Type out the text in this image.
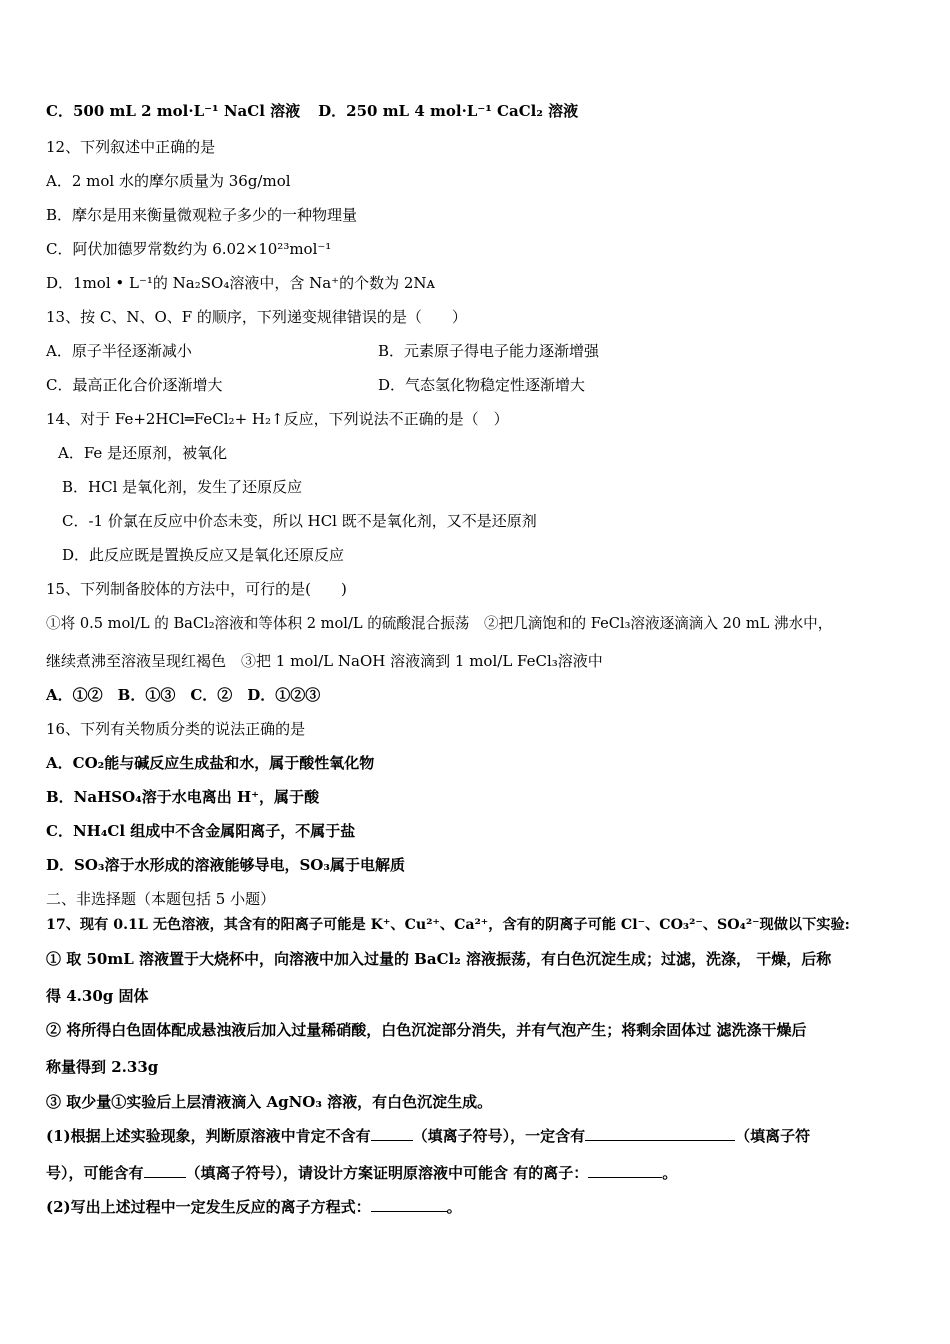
C．500 mL 2 mol·L⁻¹ NaCl 溶液 D．250 mL 4 mol·L⁻¹ CaCl₂ 溶液
12、下列叙述中正确的是
A．2 mol 水的摩尔质量为 36g/mol
B．摩尔是用来衡量微观粒子多少的一种物理量
C．阿伏加德罗常数约为 6.02×10²³mol⁻¹
D．1mol • L⁻¹的 Na₂SO₄溶液中，含 Na⁺的个数为 2Nᴀ
13、按 C、N、O、F 的顺序，下列递变规律错误的是（　　）
A．原子半径逐渐减小	B．元素原子得电子能力逐渐增强
C．最高正化合价逐渐增大	D．气态氢化物稳定性逐渐增大
14、对于 Fe+2HCl═FeCl₂+ H₂↑反应，下列说法不正确的是（　）
A．Fe 是还原剂，被氧化
B．HCl 是氧化剂，发生了还原反应
C．-1 价氯在反应中价态未变，所以 HCl 既不是氧化剂，又不是还原剂
D．此反应既是置换反应又是氧化还原反应
15、下列制备胶体的方法中，可行的是(　　)
①将 0.5 mol/L 的 BaCl₂溶液和等体积 2 mol/L 的硫酸混合振荡　②把几滴饱和的 FeCl₃溶液逐滴滴入 20 mL 沸水中，
继续煮沸至溶液呈现红褐色　③把 1 mol/L NaOH 溶液滴到 1 mol/L FeCl₃溶液中
A．①②　B．①③　C．②　D．①②③
16、下列有关物质分类的说法正确的是
A．CO₂能与碱反应生成盐和水，属于酸性氧化物
B．NaHSO₄溶于水电离出 H⁺，属于酸
C．NH₄Cl 组成中不含金属阳离子，不属于盐
D．SO₃溶于水形成的溶液能够导电，SO₃属于电解质
二、非选择题（本题包括 5 小题）
17、现有 0.1L 无色溶液，其含有的阳离子可能是 K⁺、Cu²⁺、Ca²⁺，含有的阴离子可能 Cl⁻、CO₃²⁻、SO₄²⁻现做以下实验:
① 取 50mL 溶液置于大烧杯中，向溶液中加入过量的 BaCl₂ 溶液振荡，有白色沉淀生成；过滤，洗涤， 干燥，后称
得 4.30g 固体
② 将所得白色固体配成悬浊液后加入过量稀硝酸，白色沉淀部分消失，并有气泡产生；将剩余固体过 滤洗涤干燥后
称量得到 2.33g
③ 取少量①实验后上层清液滴入 AgNO₃ 溶液，有白色沉淀生成。
(1)根据上述实验现象，判断原溶液中肯定不含有	（填离子符号），一定含有	（填离子符
号），可能含有	（填离子符号），请设计方案证明原溶液中可能含 有的离子：	。
(2)写出上述过程中一定发生反应的离子方程式：	。
